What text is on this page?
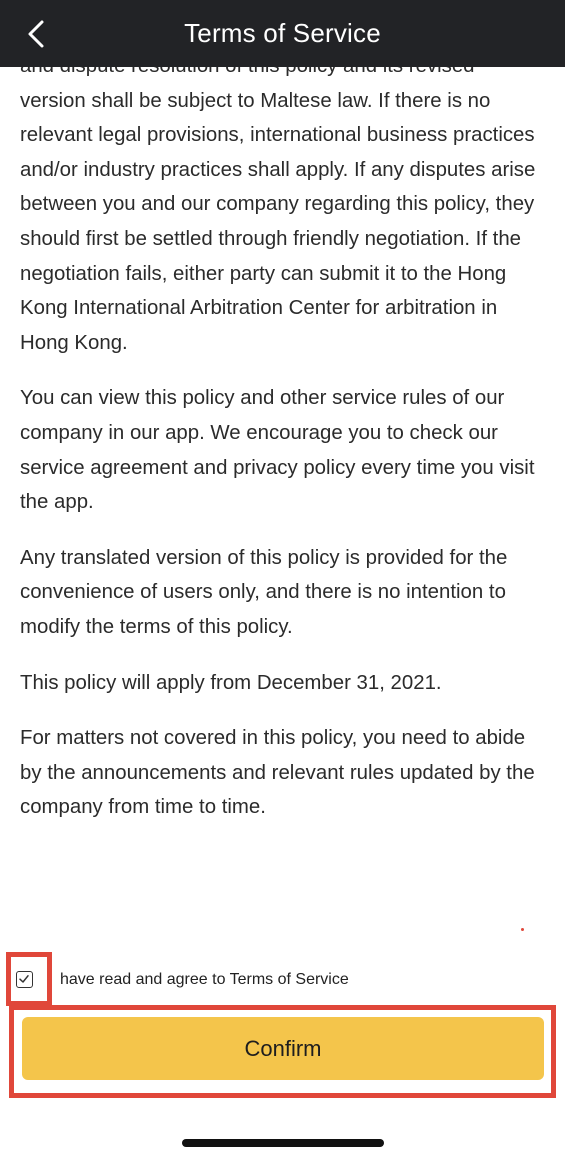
Terms of Service

version shall be subject to Maltese law. If there is no relevant legal provisions, international business practices and/or industry practices shall apply. If any disputes arise between you and our company regarding this policy, they should first be settled through friendly negotiation. If the negotiation fails, either party can submit it to the Hong Kong International Arbitration Center for arbitration in Hong Kong.

You can view this policy and other service rules of our company in our app. We encourage you to check our service agreement and privacy policy every time you visit the app.

Any translated version of this policy is provided for the convenience of users only, and there is no intention to modify the terms of this policy.

This policy will apply from December 31, 2021.

For matters not covered in this policy, you need to abide by the announcements and relevant rules updated by the company from time to time.

have read and agree to Terms of Service
Confirm
